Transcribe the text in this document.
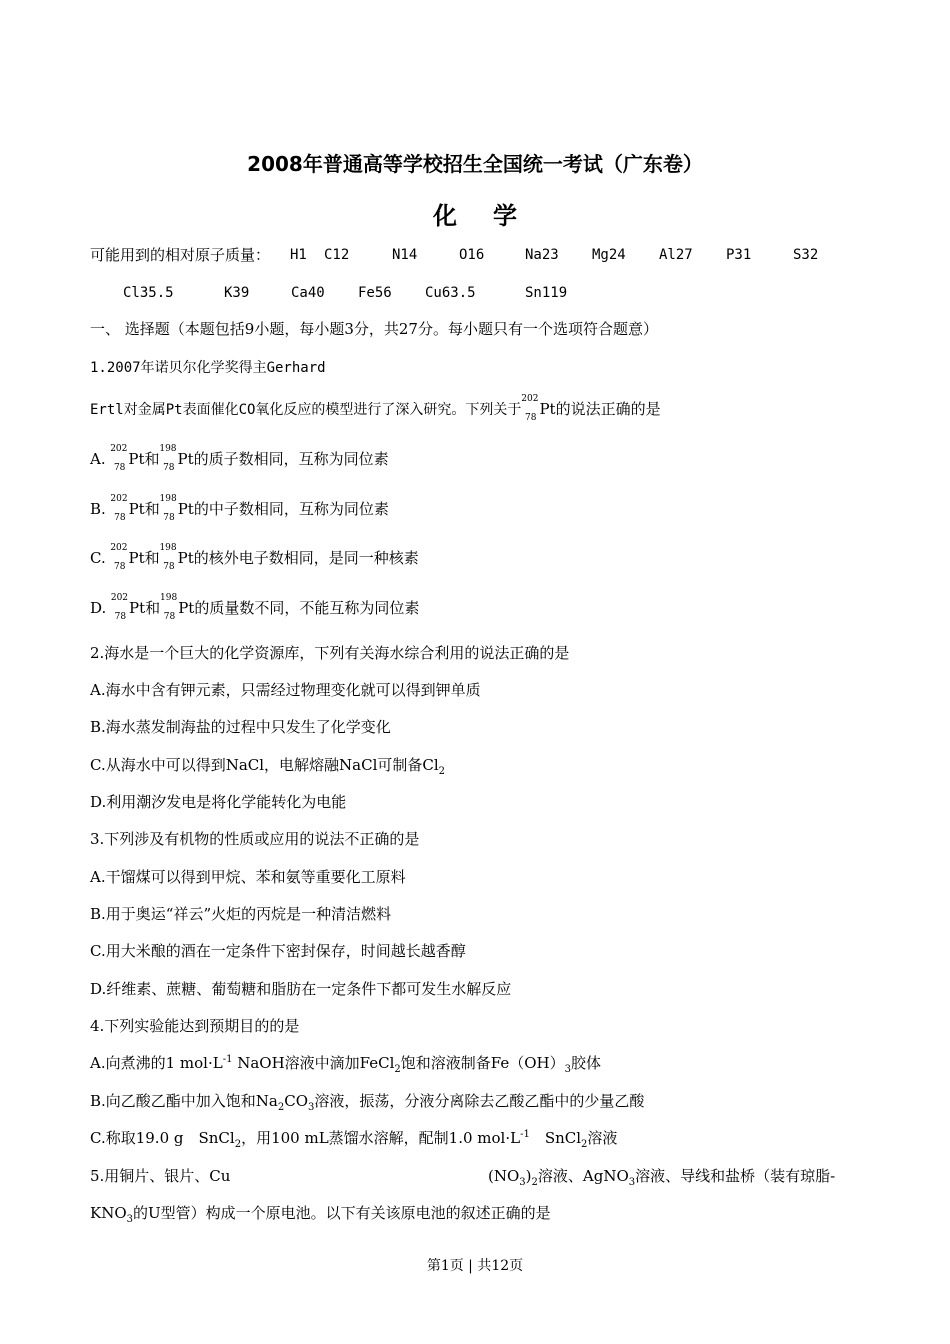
2008年普通高等学校招生全国统一考试（广东卷）
化学
可能用到的相对原子质量： H1 C12	N14	O16	Na23 Mg24 Al27 P31	S32
Cl35.5	K39	Ca40 Fe56 Cu63.5	Sn119
一、 选择题（本题包括9小题，每小题3分，共27分。每小题只有一个选项符合题意）
1.2007年诺贝尔化学奖得主Gerhard
Ertl对金属Pt表面催化CO氧化反应的模型进行了深入研究。下列关于
202
78 Pt的说法正确的是
A.
202
78 Pt和
198
78 Pt的质子数相同，互称为同位素
B.
202
78 Pt和
198
78 Pt的中子数相同，互称为同位素
C.
202
78 Pt和
198
78 Pt的核外电子数相同，是同一种核素
D.
202
78 Pt和
198
78 Pt的质量数不同，不能互称为同位素
2.海水是一个巨大的化学资源库，下列有关海水综合利用的说法正确的是
A.海水中含有钾元素，只需经过物理变化就可以得到钾单质
B.海水蒸发制海盐的过程中只发生了化学变化
C.从海水中可以得到NaCl，电解熔融NaCl可制备$Cl_2$
D.利用潮汐发电是将化学能转化为电能
3.下列涉及有机物的性质或应用的说法不正确的是
A.干馏煤可以得到甲烷、苯和氨等重要化工原料
B.用于奥运“祥云”火炬的丙烷是一种清洁燃料
C.用大米酿的酒在一定条件下密封保存，时间越长越香醇
D.纤维素、蔗糖、葡萄糖和脂肪在一定条件下都可发生水解反应
4.下列实验能达到预期目的的是
A.向煮沸的1 $mol\cdot L^{-1}$ NaOH溶液中滴加FeCl$_2$饱和溶液制备$Fe(OH)_3$胶体
B.向乙酸乙酯中加入饱和$Na_2CO_3$溶液，振荡，分液分离除去乙酸乙酯中的少量乙酸
C.称取19.0 g　SnCl$_2$，用100 mL蒸馏水溶解，配制1.0 $mol\cdot L^{-1}$　SnCl$_2$溶液
5.用铜片、银片、Cu	$(NO_3)_2$溶液、AgNO$_3$溶液、导线和盐桥（装有琼脂-
$KNO_3$的U型管）构成一个原电池。以下有关该原电池的叙述正确的是
第1页 | 共12页
